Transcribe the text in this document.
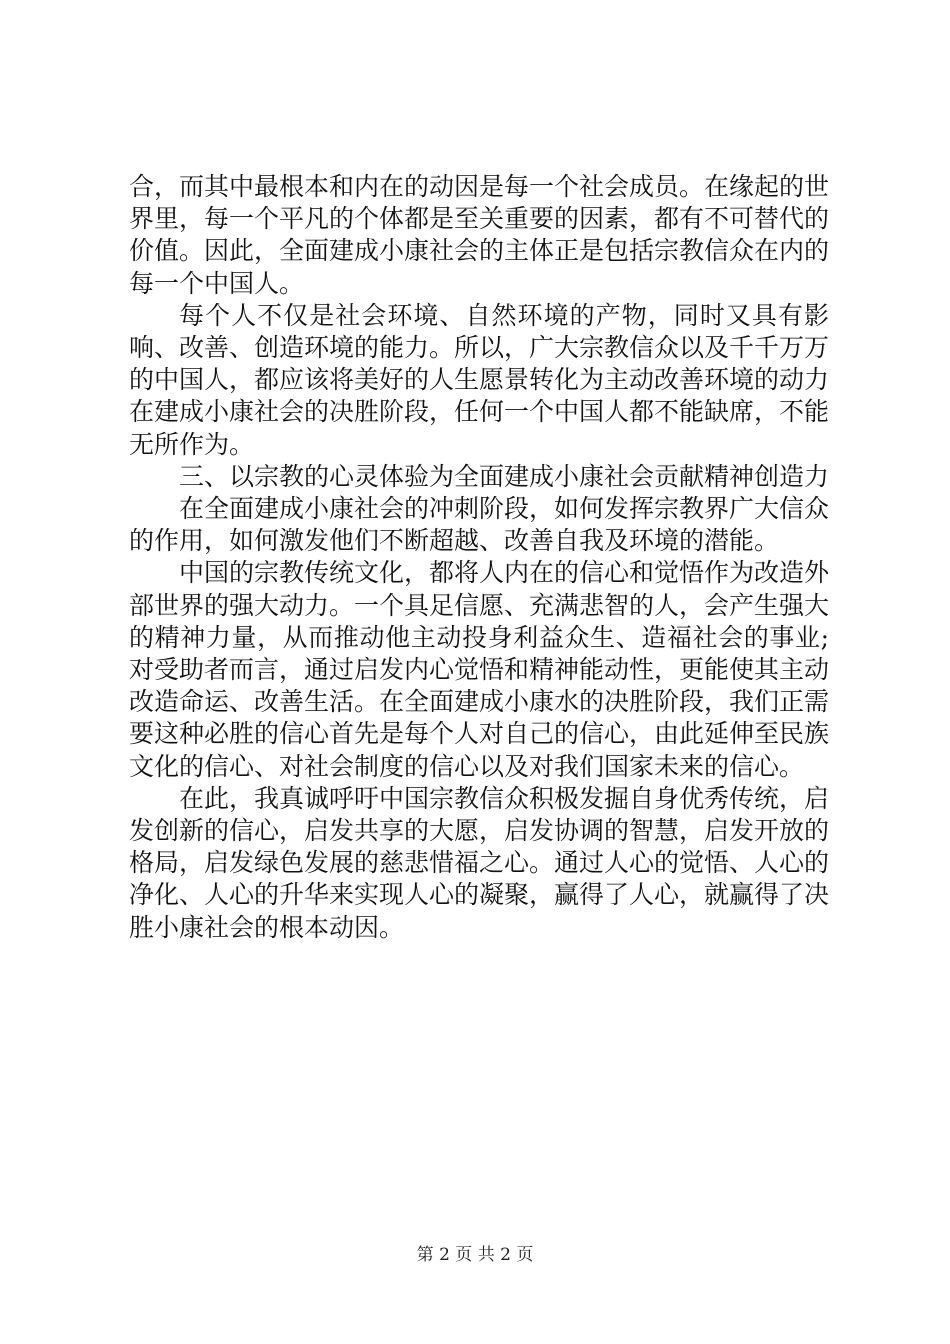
合，而其中最根本和内在的动因是每一个社会成员。在缘起的世界里，每一个平凡的个体都是至关重要的因素，都有不可替代的价值。因此，全面建成小康社会的主体正是包括宗教信众在内的每一个中国人。

每个人不仅是社会环境、自然环境的产物，同时又具有影响、改善、创造环境的能力。所以，广大宗教信众以及千千万万的中国人，都应该将美好的人生愿景转化为主动改善环境的动力在建成小康社会的决胜阶段，任何一个中国人都不能缺席，不能无所作为。

三、以宗教的心灵体验为全面建成小康社会贡献精神创造力

在全面建成小康社会的冲刺阶段，如何发挥宗教界广大信众的作用，如何激发他们不断超越、改善自我及环境的潜能。

中国的宗教传统文化，都将人内在的信心和觉悟作为改造外部世界的强大动力。一个具足信愿、充满悲智的人，会产生强大的精神力量，从而推动他主动投身利益众生、造福社会的事业;对受助者而言，通过启发内心觉悟和精神能动性，更能使其主动改造命运、改善生活。在全面建成小康水的决胜阶段，我们正需要这种必胜的信心首先是每个人对自己的信心，由此延伸至民族文化的信心、对社会制度的信心以及对我们国家未来的信心。

在此，我真诚呼吁中国宗教信众积极发掘自身优秀传统，启发创新的信心，启发共享的大愿，启发协调的智慧，启发开放的格局，启发绿色发展的慈悲惜福之心。通过人心的觉悟、人心的净化、人心的升华来实现人心的凝聚，赢得了人心，就赢得了决胜小康社会的根本动因。

第 2 页 共 2 页
